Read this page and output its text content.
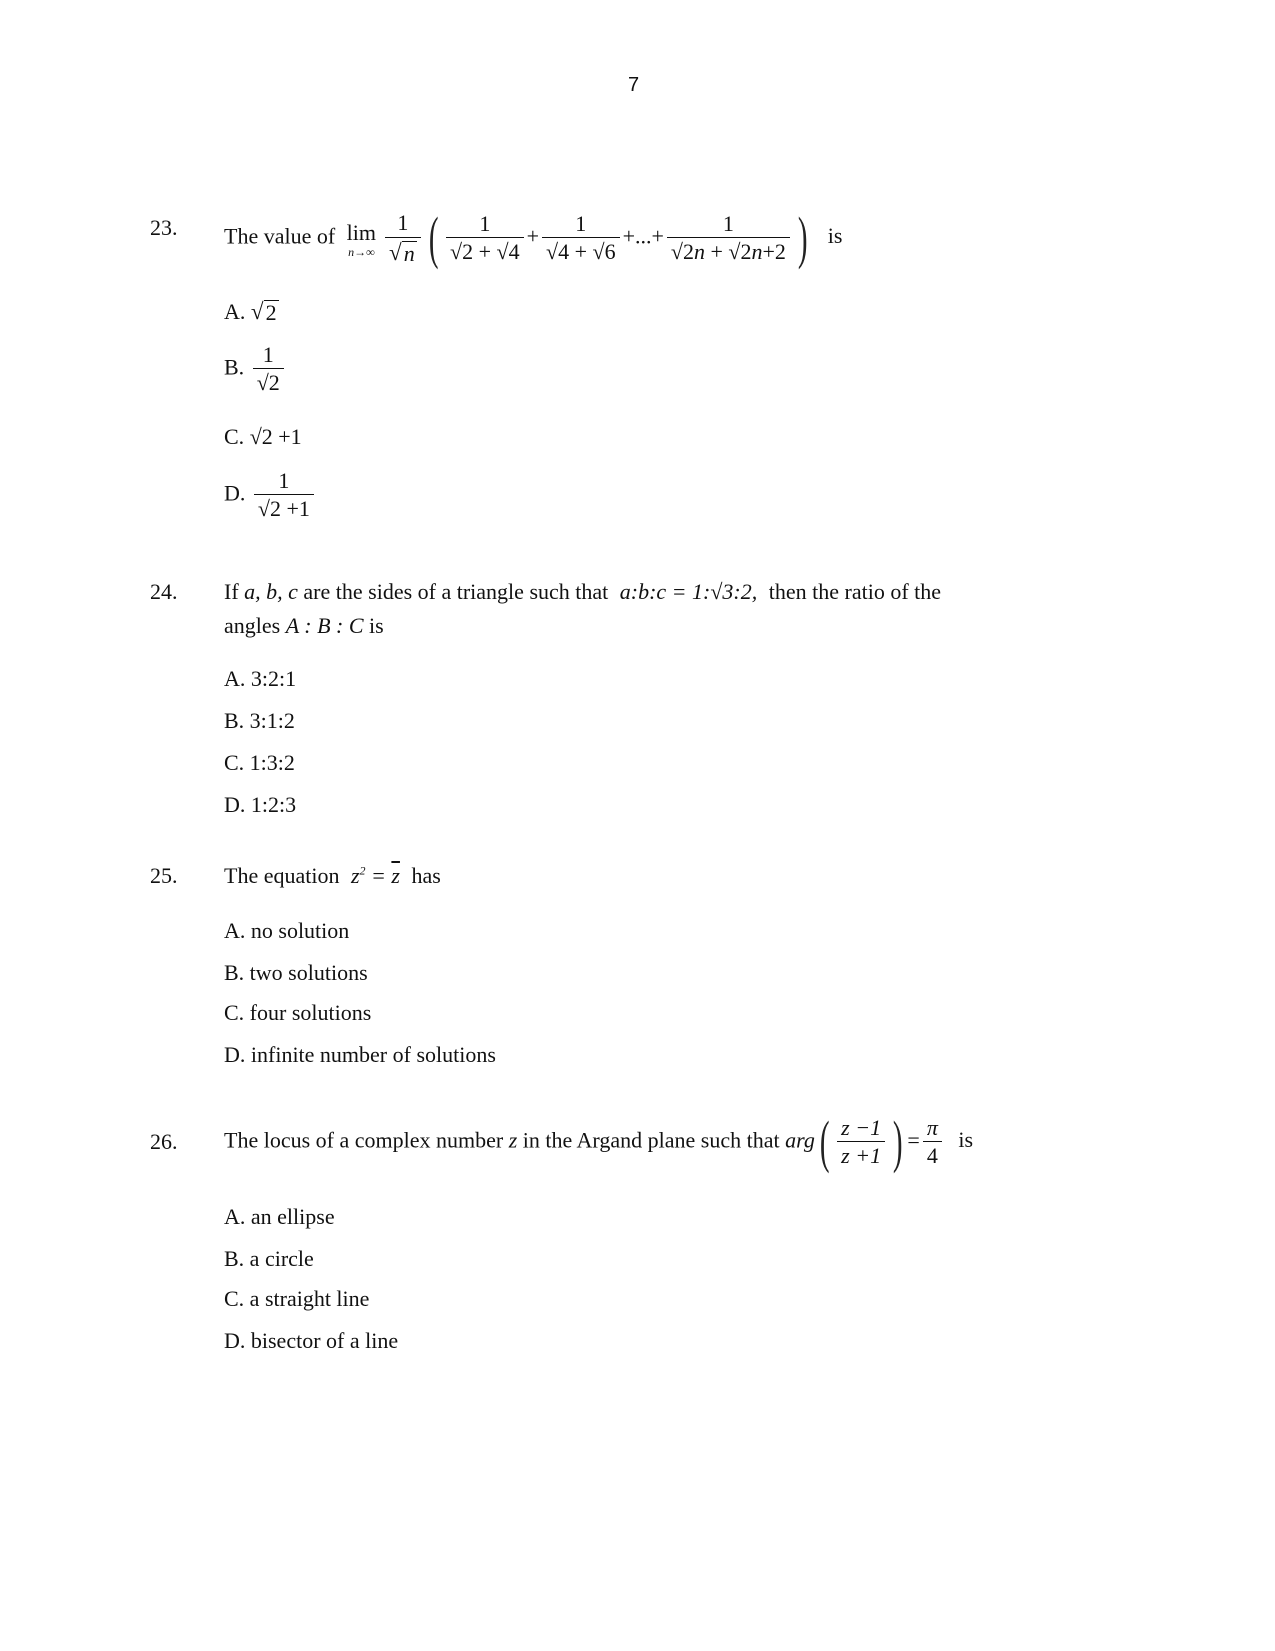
7
23. The value of lim
$n\to\infty \frac{1}{√ n}$ ( $\frac{1}{√2 + √4} + \frac{1}{√4 + √6}$ +...+ $\frac{1}{√2n + √2n+2}$ ) is
A. √ 2
B. $\frac{1}{√2}$
C. √2 +1
D. $\frac{1}{√2 +1}$
24. If a, b, c are the sides of a triangle such that a:b:c = 1:√3:2, then the ratio of the
angles A : B : C is
A. 3:2:1
B. 3:1:2
C. 1:3:2
D. 1:2:3
25. The equation $z^2 = \overline{z}$ has
A. no solution
B. two solutions
C. four solutions
D. infinite number of solutions
26. The locus of a complex number z in the Argand plane such that $arg( \frac{z -1}{z +1}$ ) = $\frac{\pi}{4}$ is
A. an ellipse
B. a circle
C. a straight line
D. bisector of a line
